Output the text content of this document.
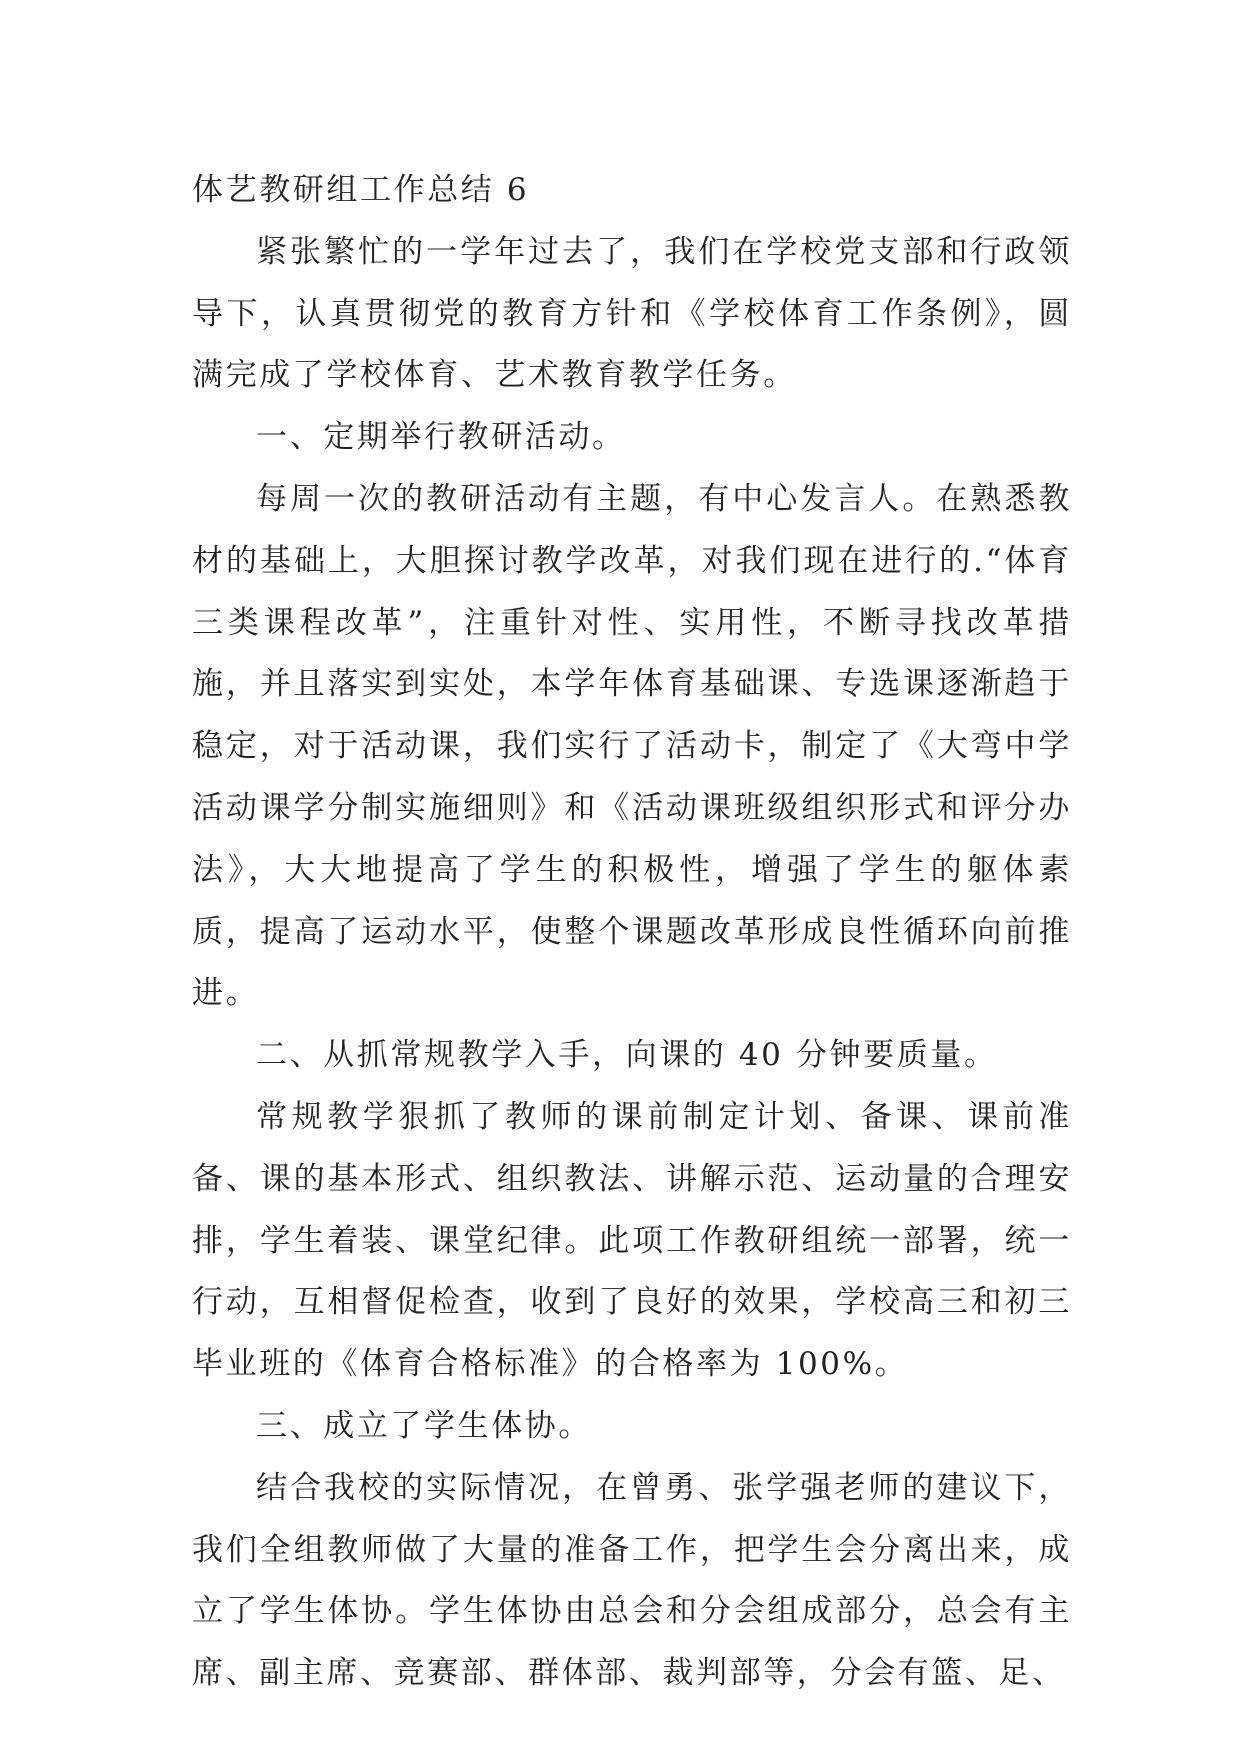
体艺教研组工作总结 6

紧张繁忙的一学年过去了，我们在学校党支部和行政领导下，认真贯彻党的教育方针和《学校体育工作条例》，圆满完成了学校体育、艺术教育教学任务。

一、定期举行教研活动。

每周一次的教研活动有主题，有中心发言人。在熟悉教材的基础上，大胆探讨教学改革，对我们现在进行的.“体育三类课程改革”，注重针对性、实用性，不断寻找改革措施，并且落实到实处，本学年体育基础课、专选课逐渐趋于稳定，对于活动课，我们实行了活动卡，制定了《大弯中学活动课学分制实施细则》和《活动课班级组织形式和评分办法》，大大地提高了学生的积极性，增强了学生的躯体素质，提高了运动水平，使整个课题改革形成良性循环向前推进。

二、从抓常规教学入手，向课的 40 分钟要质量。

常规教学狠抓了教师的课前制定计划、备课、课前准备、课的基本形式、组织教法、讲解示范、运动量的合理安排，学生着装、课堂纪律。此项工作教研组统一部署，统一行动，互相督促检查，收到了良好的效果，学校高三和初三毕业班的《体育合格标准》的合格率为 100%。

三、成立了学生体协。

结合我校的实际情况，在曾勇、张学强老师的建议下，我们全组教师做了大量的准备工作，把学生会分离出来，成立了学生体协。学生体协由总会和分会组成部分，总会有主席、副主席、竞赛部、群体部、裁判部等，分会有篮、足、
